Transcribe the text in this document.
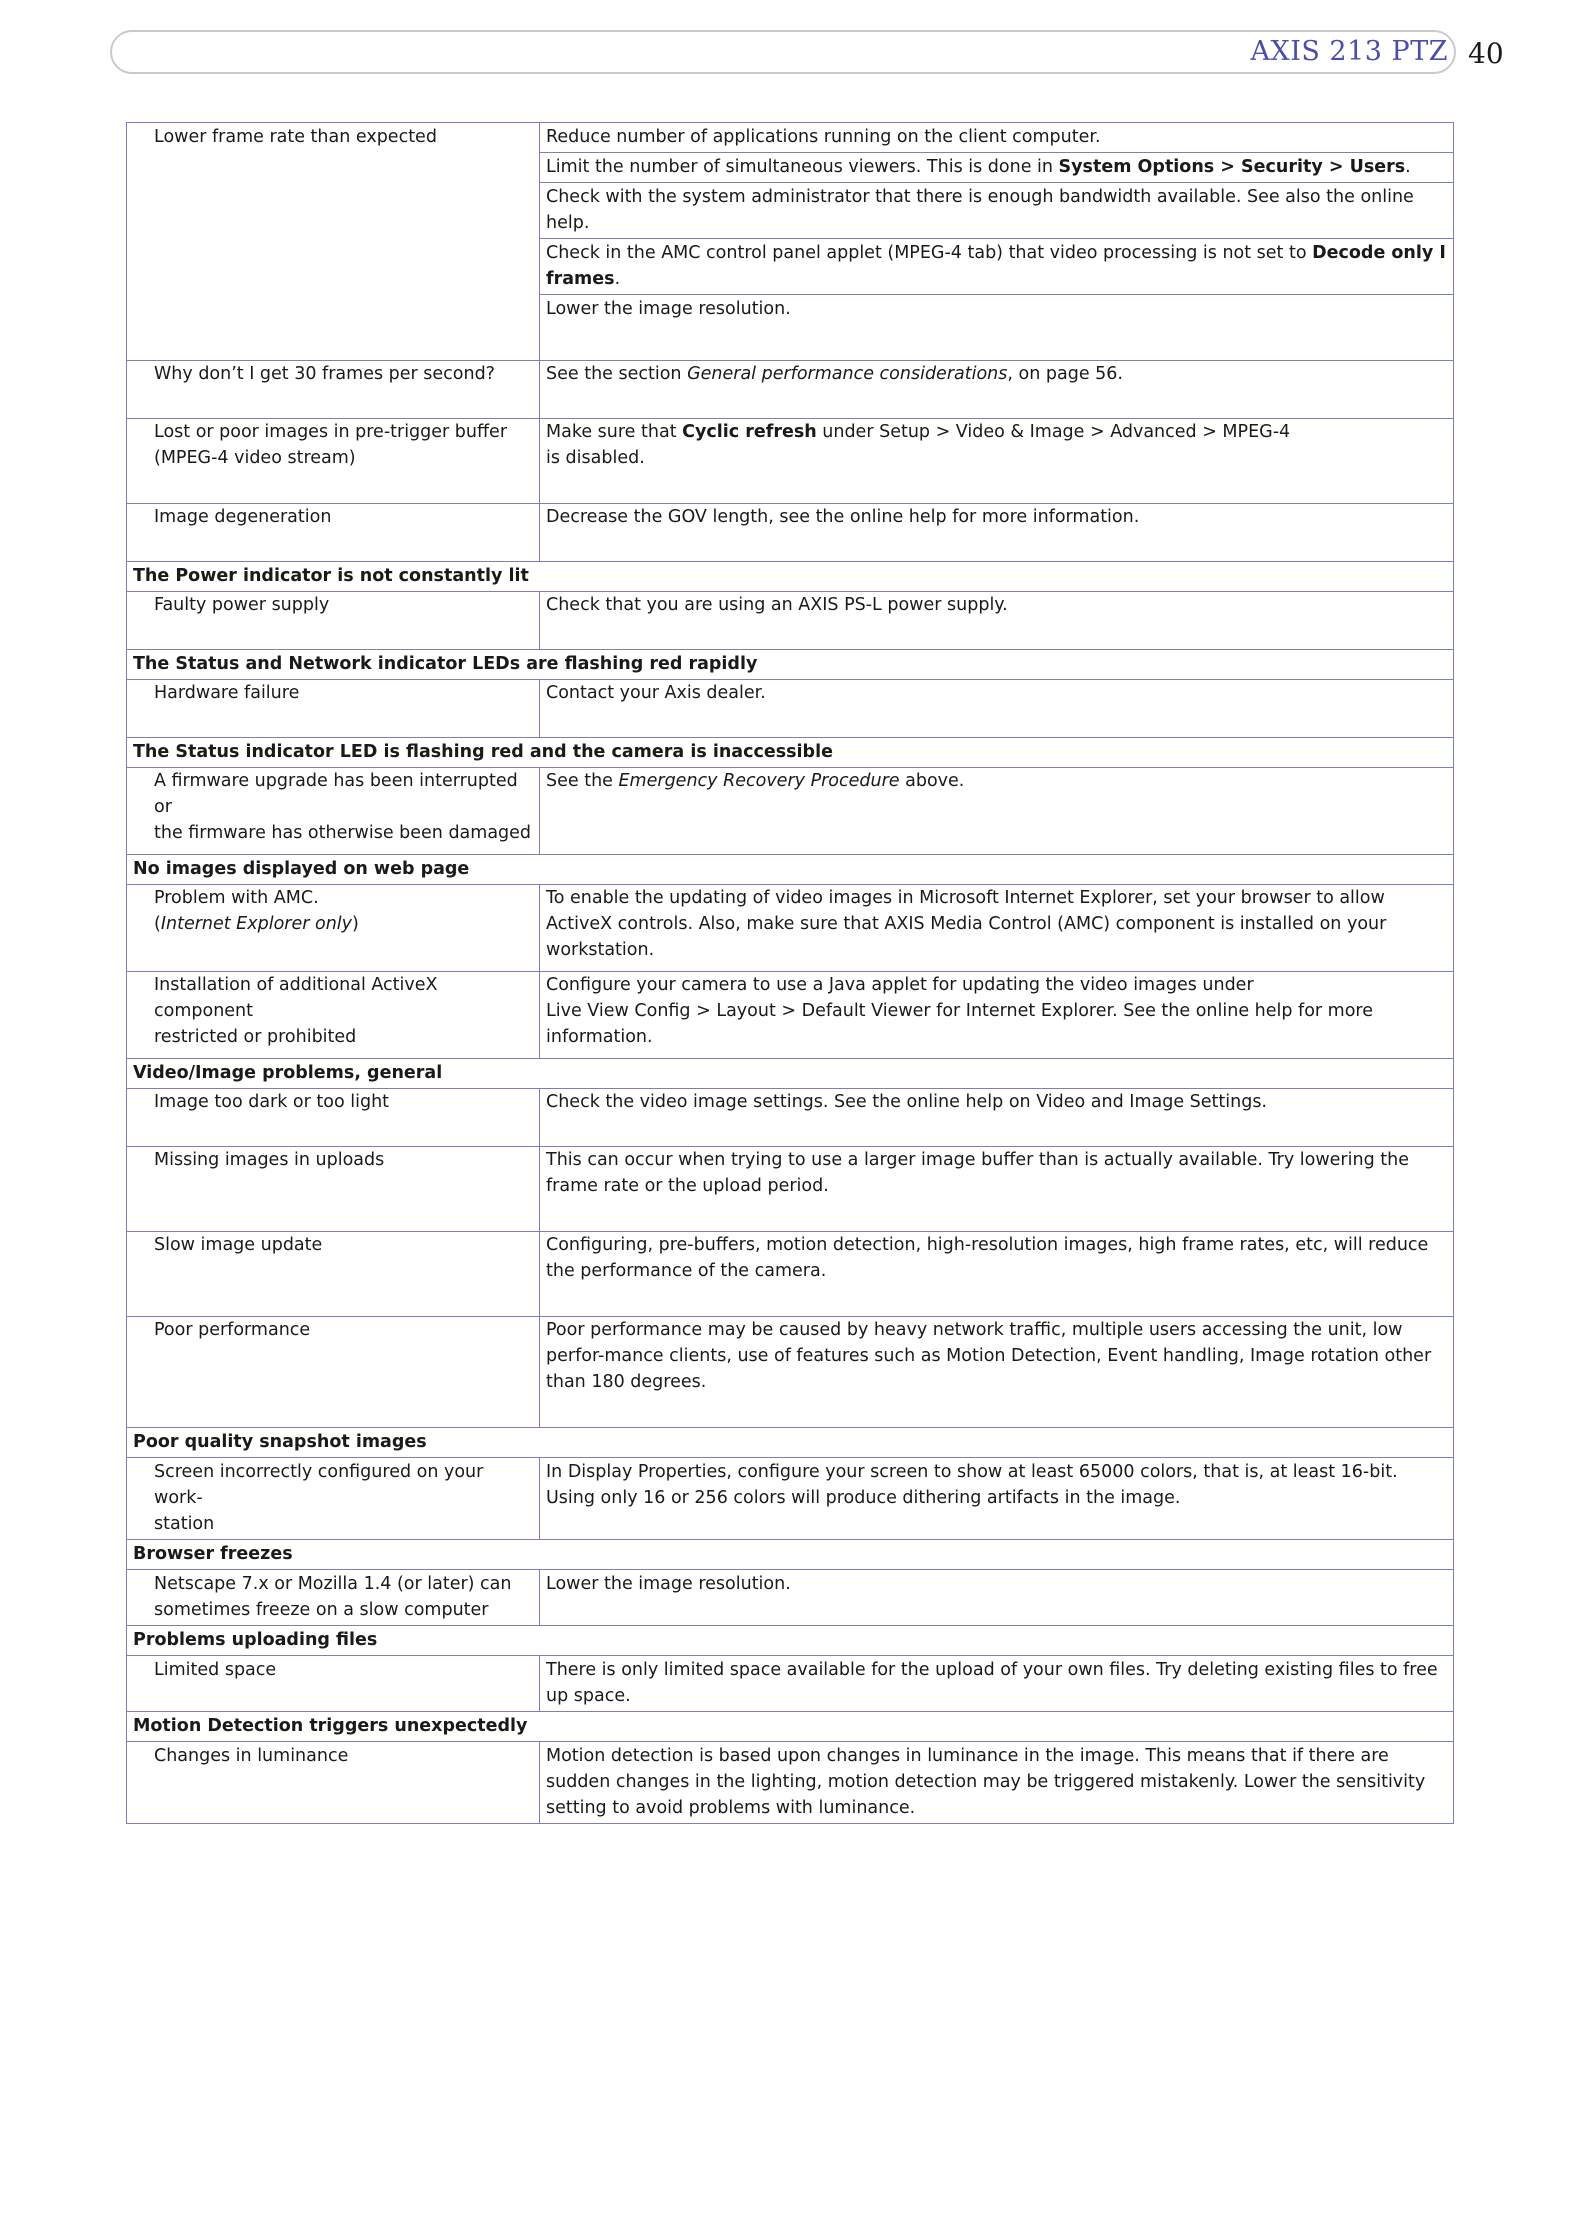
AXIS 213 PTZ 40
Lower frame rate than expected	Reduce number of applications running on the client computer.
	Limit the number of simultaneous viewers. This is done in System Options > Security > Users.
	Check with the system administrator that there is enough bandwidth available. See also the online help.
	Check in the AMC control panel applet (MPEG-4 tab) that video processing is not set to Decode only I frames.
	Lower the image resolution.
Why don’t I get 30 frames per second?	See the section General performance considerations, on page 56.

Lost or poor images in pre-trigger buffer
(MPEG-4 video stream)	Make sure that Cyclic refresh under Setup > Video & Image > Advanced > MPEG-4
is disabled.

Image degeneration	Decrease the GOV length, see the online help for more information.
The Power indicator is not constantly lit	
Faulty power supply	Check that you are using an AXIS PS-L power supply.
The Status and Network indicator LEDs are flashing red rapidly	
Hardware failure	Contact your Axis dealer.
The Status indicator LED is flashing red and the camera is inaccessible	

A firmware upgrade has been interrupted or
the firmware has otherwise been damaged	See the Emergency Recovery Procedure above.
No images displayed on web page	

Problem with AMC.
(Internet Explorer only)	To enable the updating of video images in Microsoft Internet Explorer, set your browser to allow ActiveX controls. Also, make sure that AXIS Media Control (AMC) component is installed on your workstation.

Installation of additional ActiveX component
restricted or prohibited	Configure your camera to use a Java applet for updating the video images under
Live View Config > Layout > Default Viewer for Internet Explorer. See the online help for more information.

Video/Image problems, general	
Image too dark or too light	Check the video image settings. See the online help on Video and Image Settings.
Missing images in uploads	This can occur when trying to use a larger image buffer than is actually available. Try lowering the frame rate or the upload period.
Slow image update	Configuring, pre-buffers, motion detection, high-resolution images, high frame rates, etc, will reduce the performance of the camera.
Poor performance	Poor performance may be caused by heavy network traffic, multiple users accessing the unit, low perfor-mance clients, use of features such as Motion Detection, Event handling, Image rotation other than 180 degrees.
Poor quality snapshot images	

Screen incorrectly configured on your work-
station	In Display Properties, configure your screen to show at least 65000 colors, that is, at least 16-bit. Using only 16 or 256 colors will produce dithering artifacts in the image.
Browser freezes	

Netscape 7.x or Mozilla 1.4 (or later) can
sometimes freeze on a slow computer	Lower the image resolution.
Problems uploading files	
Limited space	There is only limited space available for the upload of your own files. Try deleting existing files to free up space.
Motion Detection triggers unexpectedly	
Changes in luminance	Motion detection is based upon changes in luminance in the image. This means that if there are sudden changes in the lighting, motion detection may be triggered mistakenly. Lower the sensitivity setting to avoid problems with luminance.
